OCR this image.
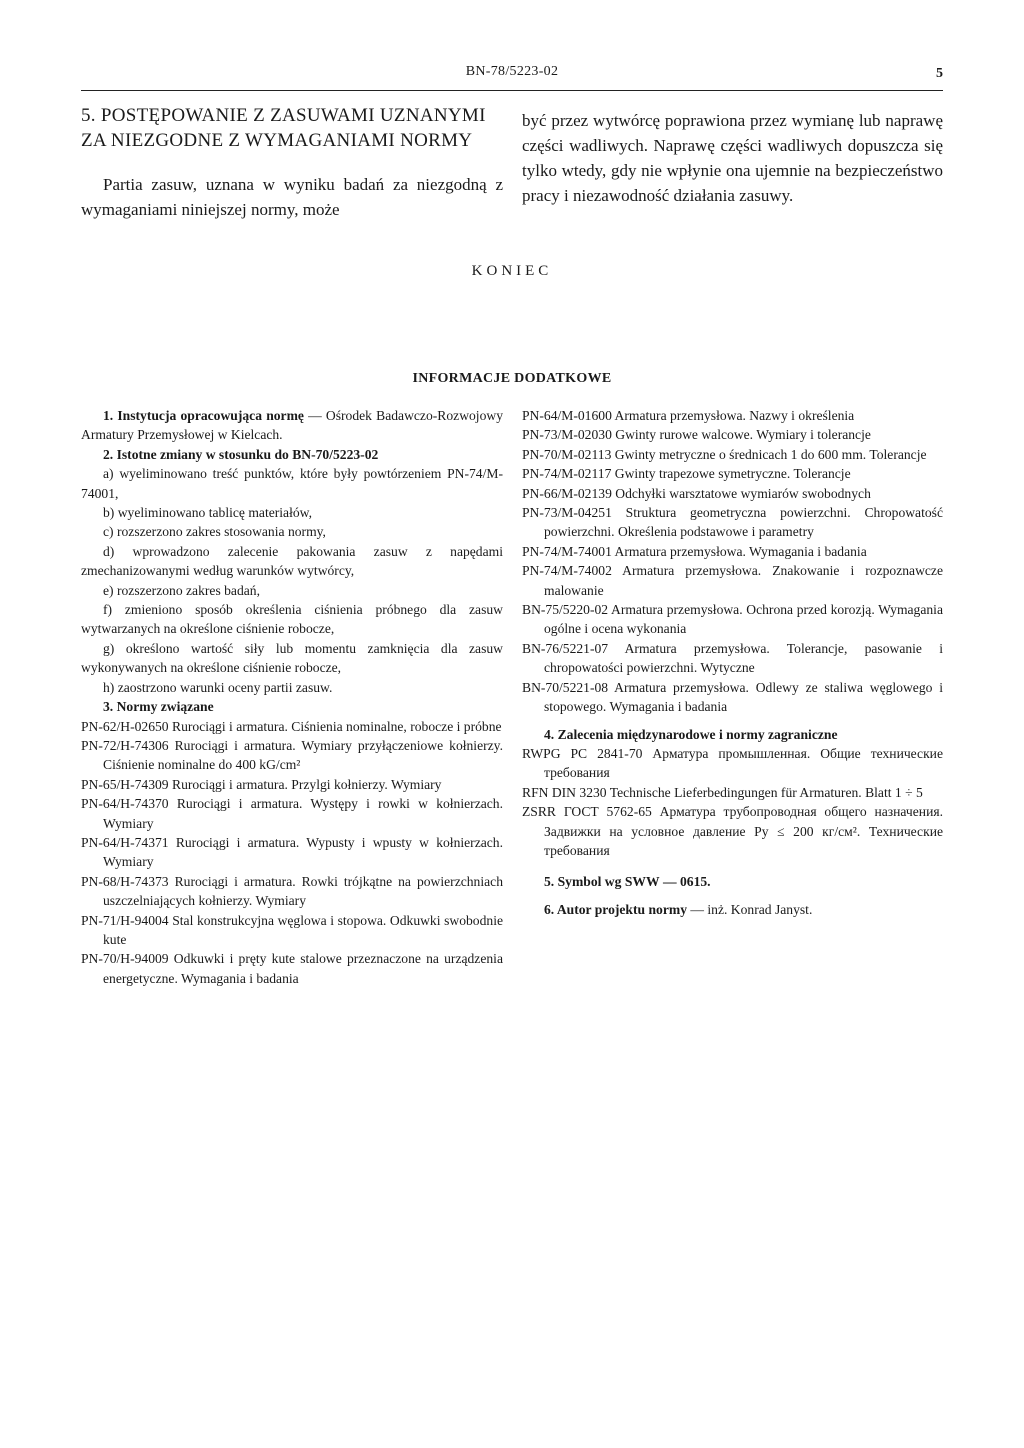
BN-78/5223-02	5
5. POSTĘPOWANIE Z ZASUWAMI UZNANYMI
ZA NIEZGODNE Z WYMAGANIAMI NORMY
Partia zasuw, uznana w wyniku badań za niezgodną z wymaganiami niniejszej normy, może
być przez wytwórcę poprawiona przez wymianę lub naprawę części wadliwych. Naprawę części wadliwych dopuszcza się tylko wtedy, gdy nie wpłynie ona ujemnie na bezpieczeństwo pracy i niezawodność działania zasuwy.
KONIEC
INFORMACJE DODATKOWE
1. Instytucja opracowująca normę — Ośrodek Badawczo-Rozwojowy Armatury Przemysłowej w Kielcach.
2. Istotne zmiany w stosunku do BN-70/5223-02
a) wyeliminowano treść punktów, które były powtórzeniem PN-74/M-74001,
b) wyeliminowano tablicę materiałów,
c) rozszerzono zakres stosowania normy,
d) wprowadzono zalecenie pakowania zasuw z napędami zmechanizowanymi według warunków wytwórcy,
e) rozszerzono zakres badań,
f) zmieniono sposób określenia ciśnienia próbnego dla zasuw wytwarzanych na określone ciśnienie robocze,
g) określono wartość siły lub momentu zamknięcia dla zasuw wykonywanych na określone ciśnienie robocze,
h) zaostrzono warunki oceny partii zasuw.
3. Normy związane
PN-62/H-02650 Rurociągi i armatura. Ciśnienia nominalne, robocze i próbne
PN-72/H-74306 Rurociągi i armatura. Wymiary przyłączeniowe kołnierzy. Ciśnienie nominalne do 400 kG/cm²
PN-65/H-74309 Rurociągi i armatura. Przylgi kołnierzy. Wymiary
PN-64/H-74370 Rurociągi i armatura. Występy i rowki w kołnierzach. Wymiary
PN-64/H-74371 Rurociągi i armatura. Wypusty i wpusty w kołnierzach. Wymiary
PN-68/H-74373 Rurociągi i armatura. Rowki trójkątne na powierzchniach uszczelniających kołnierzy. Wymiary
PN-71/H-94004 Stal konstrukcyjna węglowa i stopowa. Odkuwki swobodnie kute
PN-70/H-94009 Odkuwki i pręty kute stalowe przeznaczone na urządzenia energetyczne. Wymagania i badania
PN-64/M-01600 Armatura przemysłowa. Nazwy i określenia
PN-73/M-02030 Gwinty rurowe walcowe. Wymiary i tolerancje
PN-70/M-02113 Gwinty metryczne o średnicach 1 do 600 mm. Tolerancje
PN-74/M-02117 Gwinty trapezowe symetryczne. Tolerancje
PN-66/M-02139 Odchyłki warsztatowe wymiarów swobodnych
PN-73/M-04251 Struktura geometryczna powierzchni. Chropowatość powierzchni. Określenia podstawowe i parametry
PN-74/M-74001 Armatura przemysłowa. Wymagania i badania
PN-74/M-74002 Armatura przemysłowa. Znakowanie i rozpoznawcze malowanie
BN-75/5220-02 Armatura przemysłowa. Ochrona przed korozją. Wymagania ogólne i ocena wykonania
BN-76/5221-07 Armatura przemysłowa. Tolerancje, pasowanie i chropowatości powierzchni. Wytyczne
BN-70/5221-08 Armatura przemysłowa. Odlewy ze staliwa węglowego i stopowego. Wymagania i badania
4. Zalecenia międzynarodowe i normy zagraniczne
RWPG PC 2841-70 Арматура промышленная. Общие технические требования
RFN DIN 3230 Technische Lieferbedingungen für Armaturen. Blatt 1 ÷ 5
ZSRR ГОСТ 5762-65 Арматура трубопроводная общего назначения. Задвижки на условное давление Py ≤ 200 кг/см². Технические требования
5. Symbol wg SWW — 0615.
6. Autor projektu normy — inż. Konrad Janyst.
